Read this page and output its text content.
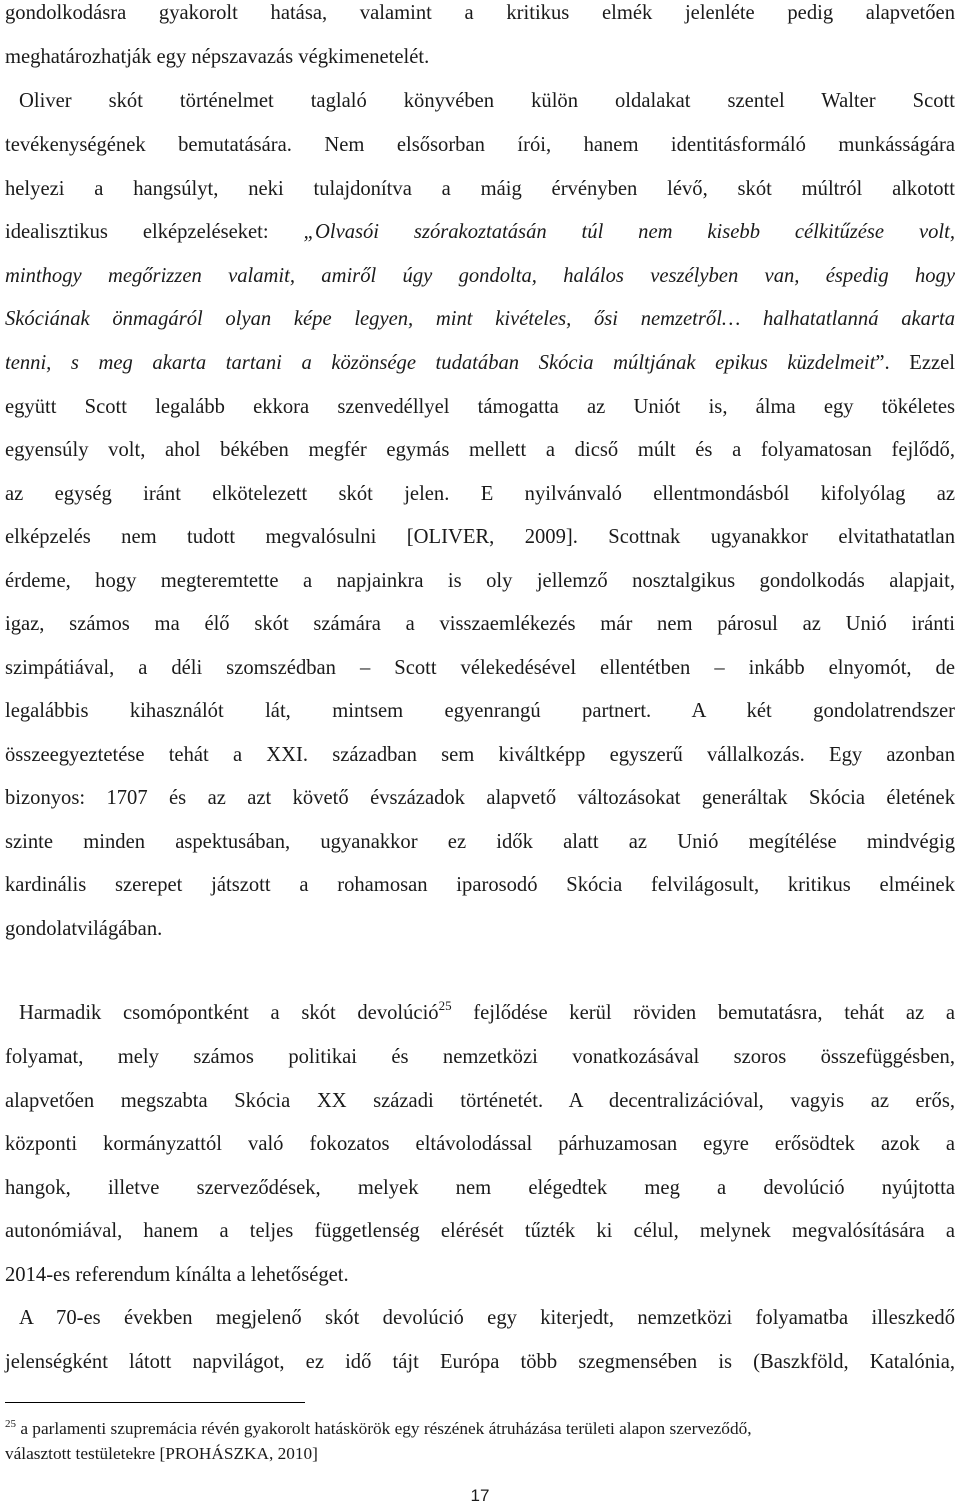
gondolkodásra gyakorolt hatása, valamint a kritikus elmék jelenléte pedig alapvetően
meghatározhatják egy népszavazás végkimenetelét.
Oliver skót történelmet taglaló könyvében külön oldalakat szentel Walter Scott
tevékenységének bemutatására. Nem elsősorban írói, hanem identitásformáló munkásságára
helyezi a hangsúlyt, neki tulajdonítva a máig érvényben lévő, skót múltról alkotott
idealisztikus elképzeléseket: „Olvasói szórakoztatásán túl nem kisebb célkitűzése volt,
minthogy megőrizzen valamit, amiről úgy gondolta, halálos veszélyben van, éspedig hogy
Skóciának önmagáról olyan képe legyen, mint kivételes, ősi nemzetről… halhatatlanná akarta
tenni, s meg akarta tartani a közönsége tudatában Skócia múltjának epikus küzdelmeit”. Ezzel
együtt Scott legalább ekkora szenvedéllyel támogatta az Uniót is, álma egy tökéletes
egyensúly volt, ahol békében megfér egymás mellett a dicső múlt és a folyamatosan fejlődő,
az egység iránt elkötelezett skót jelen. E nyilvánvaló ellentmondásból kifolyólag az
elképzelés nem tudott megvalósulni [OLIVER, 2009]. Scottnak ugyanakkor elvitathatatlan
érdeme, hogy megteremtette a napjainkra is oly jellemző nosztalgikus gondolkodás alapjait,
igaz, számos ma élő skót számára a visszaemlékezés már nem párosul az Unió iránti
szimpátiával, a déli szomszédban – Scott vélekedésével ellentétben – inkább elnyomót, de
legalábbis kihasználót lát, mintsem egyenrangú partnert. A két gondolatrendszer
összeegyeztetése tehát a XXI. században sem kiváltképp egyszerű vállalkozás. Egy azonban
bizonyos: 1707 és az azt követő évszázadok alapvető változásokat generáltak Skócia életének
szinte minden aspektusában, ugyanakkor ez idők alatt az Unió megítélése mindvégig
kardinális szerepet játszott a rohamosan iparosodó Skócia felvilágosult, kritikus elméinek
gondolatvilágában.
Harmadik csomópontként a skót devolúció$^{25}$ fejlődése kerül röviden bemutatásra, tehát az a
folyamat, mely számos politikai és nemzetközi vonatkozásával szoros összefüggésben,
alapvetően megszabta Skócia XX századi történetét. A decentralizációval, vagyis az erős,
központi kormányzattól való fokozatos eltávolodással párhuzamosan egyre erősödtek azok a
hangok, illetve szerveződések, melyek nem elégedtek meg a devolúció nyújtotta
autonómiával, hanem a teljes függetlenség elérését tűzték ki célul, melynek megvalósítására a
2014-es referendum kínálta a lehetőséget.
A 70-es években megjelenő skót devolúció egy kiterjedt, nemzetközi folyamatba illeszkedő
jelenségként látott napvilágot, ez idő tájt Európa több szegmensében is (Baszkföld, Katalónia,
$^{25}$ a parlamenti szupremácia révén gyakorolt hatáskörök egy részének átruházása területi alapon szerveződő,
választott testületekre [PROHÁSZKA, 2010]
17
